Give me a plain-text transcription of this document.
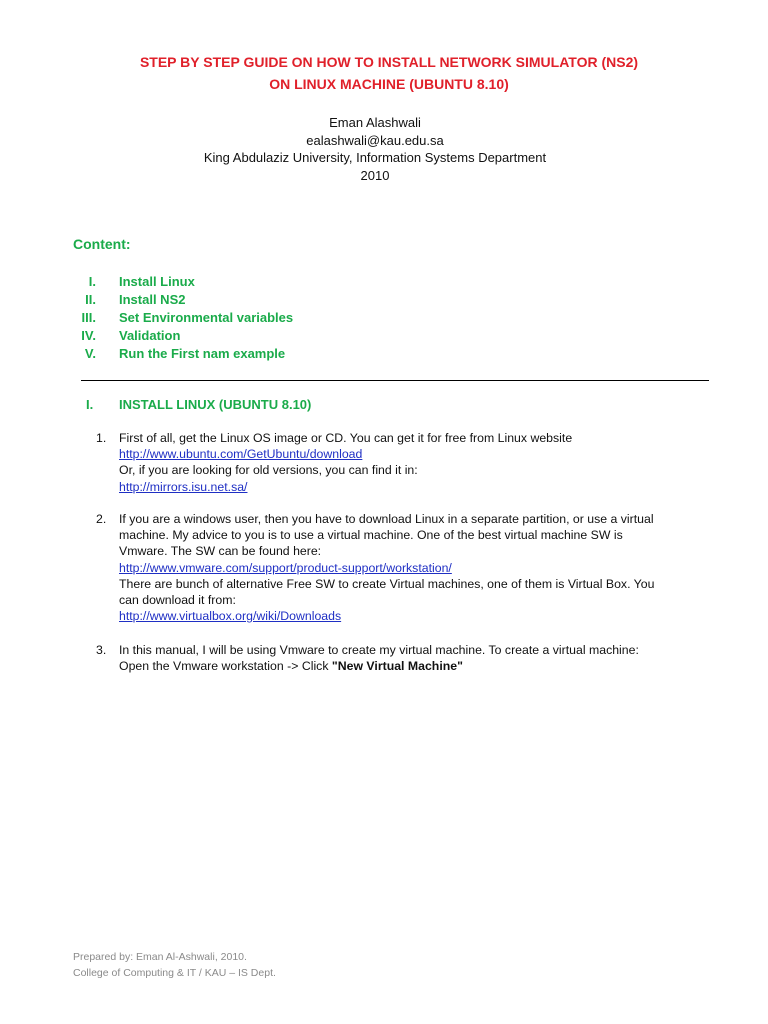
STEP BY STEP GUIDE ON HOW TO INSTALL NETWORK SIMULATOR (NS2)
ON LINUX MACHINE (UBUNTU 8.10)
Eman Alashwali
ealashwali@kau.edu.sa
King Abdulaziz University, Information Systems Department
2010
Content:
I. Install Linux
II. Install NS2
III. Set Environmental variables
IV. Validation
V. Run the First nam example
I. INSTALL LINUX (UBUNTU 8.10)
1. First of all, get the Linux OS image or CD. You can get it for free from Linux website
http://www.ubuntu.com/GetUbuntu/download
Or, if you are looking for old versions, you can find it in:
http://mirrors.isu.net.sa/
2. If you are a windows user, then you have to download Linux in a separate partition, or use a virtual
machine. My advice to you is to use a virtual machine. One of the best virtual machine SW is
Vmware. The SW can be found here:
http://www.vmware.com/support/product-support/workstation/
There are bunch of alternative Free SW to create Virtual machines, one of them is Virtual Box. You
can download it from:
http://www.virtualbox.org/wiki/Downloads
3. In this manual, I will be using Vmware to create my virtual machine. To create a virtual machine:
Open the Vmware workstation -> Click "New Virtual Machine"
Prepared by: Eman Al-Ashwali, 2010.
College of Computing & IT / KAU – IS Dept.
